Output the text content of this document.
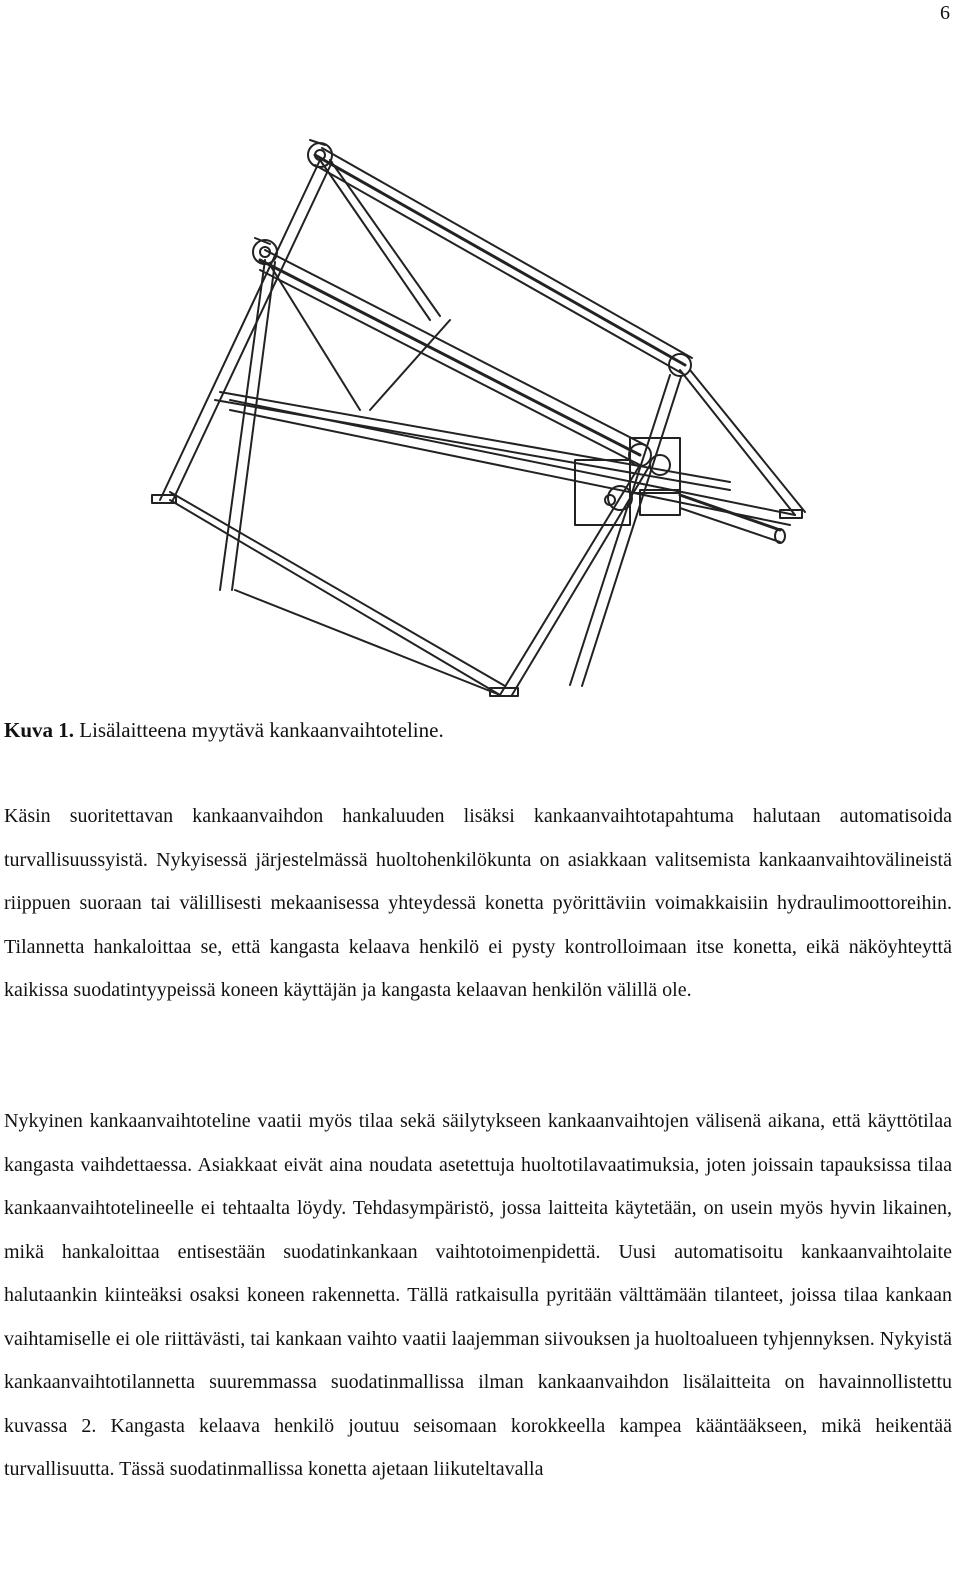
6
Kuva 1. Lisälaitteena myytävä kankaanvaihtoteline.

Käsin suoritettavan kankaanvaihdon hankaluuden lisäksi kankaanvaihtotapahtuma halutaan automatisoida turvallisuussyistä. Nykyisessä järjestelmässä huoltohenkilökunta on asiakkaan valitsemista kankaanvaihtovälineistä riippuen suoraan tai välillisesti mekaanisessa yhteydessä konetta pyörittäviin voimakkaisiin hydraulimoottoreihin. Tilannetta hankaloittaa se, että kangasta kelaava henkilö ei pysty kontrolloimaan itse konetta, eikä näköyhteyttä kaikissa suodatintyypeissä koneen käyttäjän ja kangasta kelaavan henkilön välillä ole.

Nykyinen kankaanvaihtoteline vaatii myös tilaa sekä säilytykseen kankaanvaihtojen välisenä aikana, että käyttötilaa kangasta vaihdettaessa. Asiakkaat eivät aina noudata asetettuja huoltotilavaatimuksia, joten joissain tapauksissa tilaa kankaanvaihtotelineelle ei tehtaalta löydy. Tehdasympäristö, jossa laitteita käytetään, on usein myös hyvin likainen, mikä hankaloittaa entisestään suodatinkankaan vaihtotoimenpidettä. Uusi automatisoitu kankaanvaihtolaite halutaankin kiinteäksi osaksi koneen rakennetta. Tällä ratkaisulla pyritään välttämään tilanteet, joissa tilaa kankaan vaihtamiselle ei ole riittävästi, tai kankaan vaihto vaatii laajemman siivouksen ja huoltoalueen tyhjennyksen. Nykyistä kankaanvaihtotilannetta suuremmassa suodatinmallissa ilman kankaanvaihdon lisälaitteita on havainnollistettu kuvassa 2. Kangasta kelaava henkilö joutuu seisomaan korokkeella kampea kääntääkseen, mikä heikentää turvallisuutta. Tässä suodatinmallissa konetta ajetaan liikuteltavalla
